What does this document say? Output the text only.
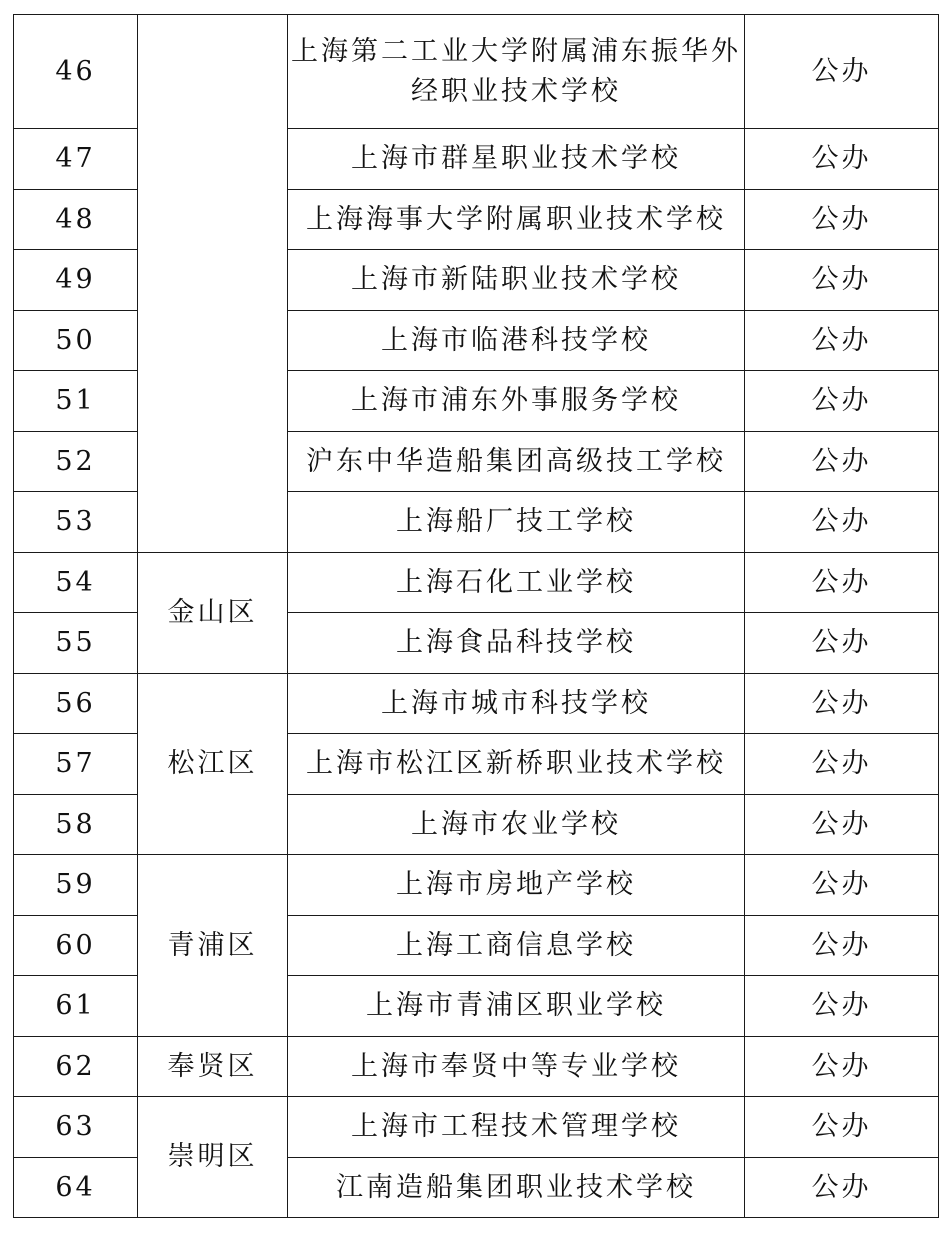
46		上海第二工业大学附属浦东振华外经职业技术学校	公办
47		上海市群星职业技术学校	公办
48		上海海事大学附属职业技术学校	公办
49		上海市新陆职业技术学校	公办
50		上海市临港科技学校	公办
51		上海市浦东外事服务学校	公办
52		沪东中华造船集团高级技工学校	公办
53		上海船厂技工学校	公办
54	金山区	上海石化工业学校	公办
55		上海食品科技学校	公办
56	松江区	上海市城市科技学校	公办
57		上海市松江区新桥职业技术学校	公办
58		上海市农业学校	公办
59	青浦区	上海市房地产学校	公办
60		上海工商信息学校	公办
61		上海市青浦区职业学校	公办
62	奉贤区	上海市奉贤中等专业学校	公办
63	崇明区	上海市工程技术管理学校	公办
64		江南造船集团职业技术学校	公办
